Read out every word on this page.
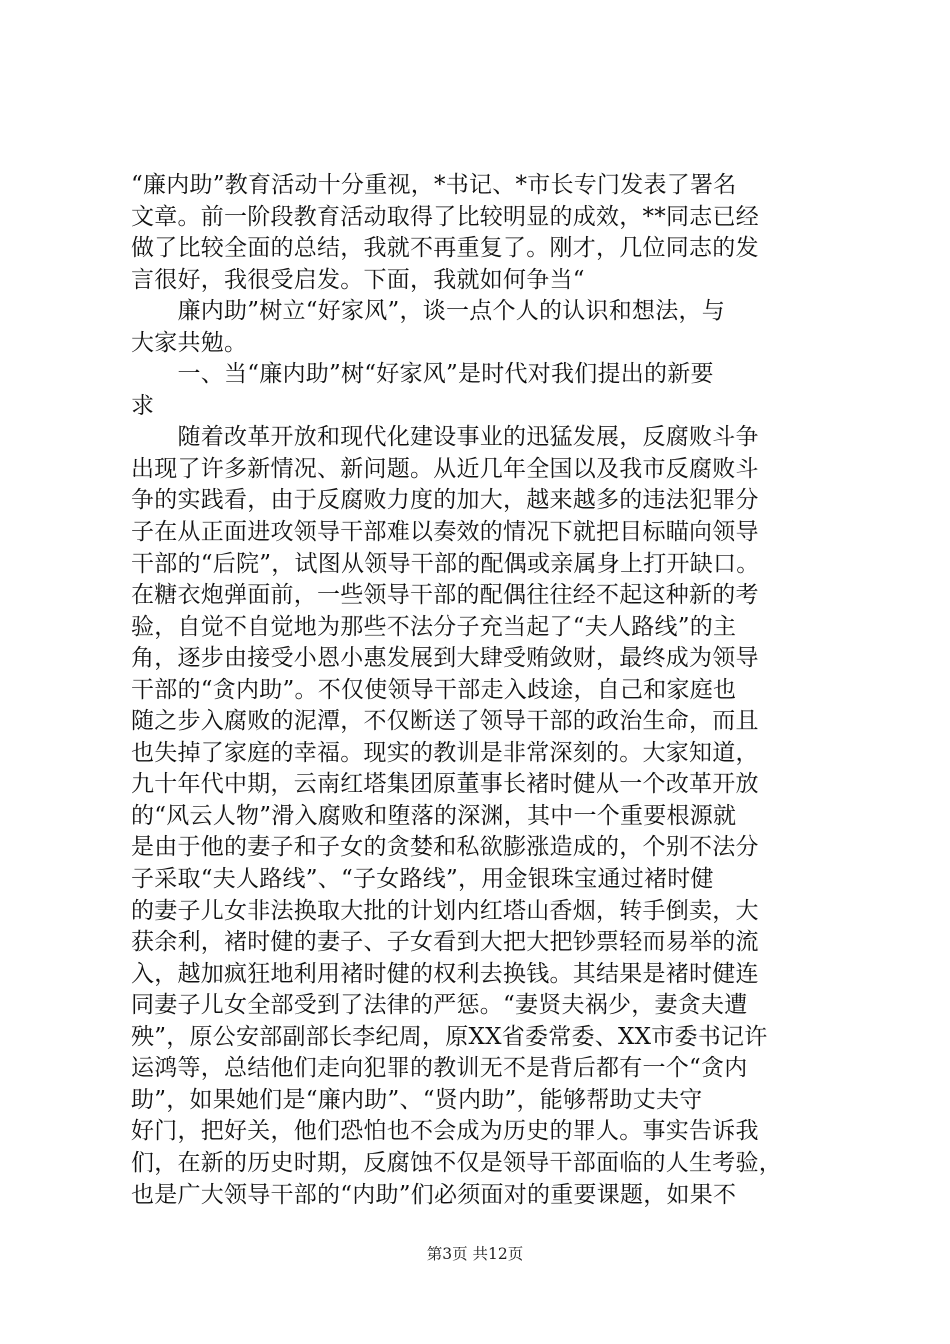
“廉内助”教育活动十分重视，*书记、*市长专门发表了署名
文章。前一阶段教育活动取得了比较明显的成效，**同志已经
做了比较全面的总结，我就不再重复了。刚才，几位同志的发
言很好，我很受启发。下面，我就如何争当“
　　廉内助”树立“好家风”，谈一点个人的认识和想法，与
大家共勉。
　　一、当“廉内助”树“好家风”是时代对我们提出的新要
求
　　随着改革开放和现代化建设事业的迅猛发展，反腐败斗争
出现了许多新情况、新问题。从近几年全国以及我市反腐败斗
争的实践看，由于反腐败力度的加大，越来越多的违法犯罪分
子在从正面进攻领导干部难以奏效的情况下就把目标瞄向领导
干部的“后院”，试图从领导干部的配偶或亲属身上打开缺口。
在糖衣炮弹面前，一些领导干部的配偶往往经不起这种新的考
验，自觉不自觉地为那些不法分子充当起了“夫人路线”的主
角，逐步由接受小恩小惠发展到大肆受贿敛财，最终成为领导
干部的“贪内助”。不仅使领导干部走入歧途，自己和家庭也
随之步入腐败的泥潭，不仅断送了领导干部的政治生命，而且
也失掉了家庭的幸福。现实的教训是非常深刻的。大家知道，
九十年代中期，云南红塔集团原董事长褚时健从一个改革开放
的“风云人物”滑入腐败和堕落的深渊，其中一个重要根源就
是由于他的妻子和子女的贪婪和私欲膨涨造成的，个别不法分
子采取“夫人路线”、“子女路线”，用金银珠宝通过褚时健
的妻子儿女非法换取大批的计划内红塔山香烟，转手倒卖，大
获余利，褚时健的妻子、子女看到大把大把钞票轻而易举的流
入，越加疯狂地利用褚时健的权利去换钱。其结果是褚时健连
同妻子儿女全部受到了法律的严惩。“妻贤夫祸少，妻贪夫遭
殃”，原公安部副部长李纪周，原XX省委常委、XX市委书记许
运鸿等，总结他们走向犯罪的教训无不是背后都有一个“贪内
助”，如果她们是“廉内助”、“贤内助”，能够帮助丈夫守
好门，把好关，他们恐怕也不会成为历史的罪人。事实告诉我
们，在新的历史时期，反腐蚀不仅是领导干部面临的人生考验，
也是广大领导干部的“内助”们必须面对的重要课题，如果不
第3页 共12页
